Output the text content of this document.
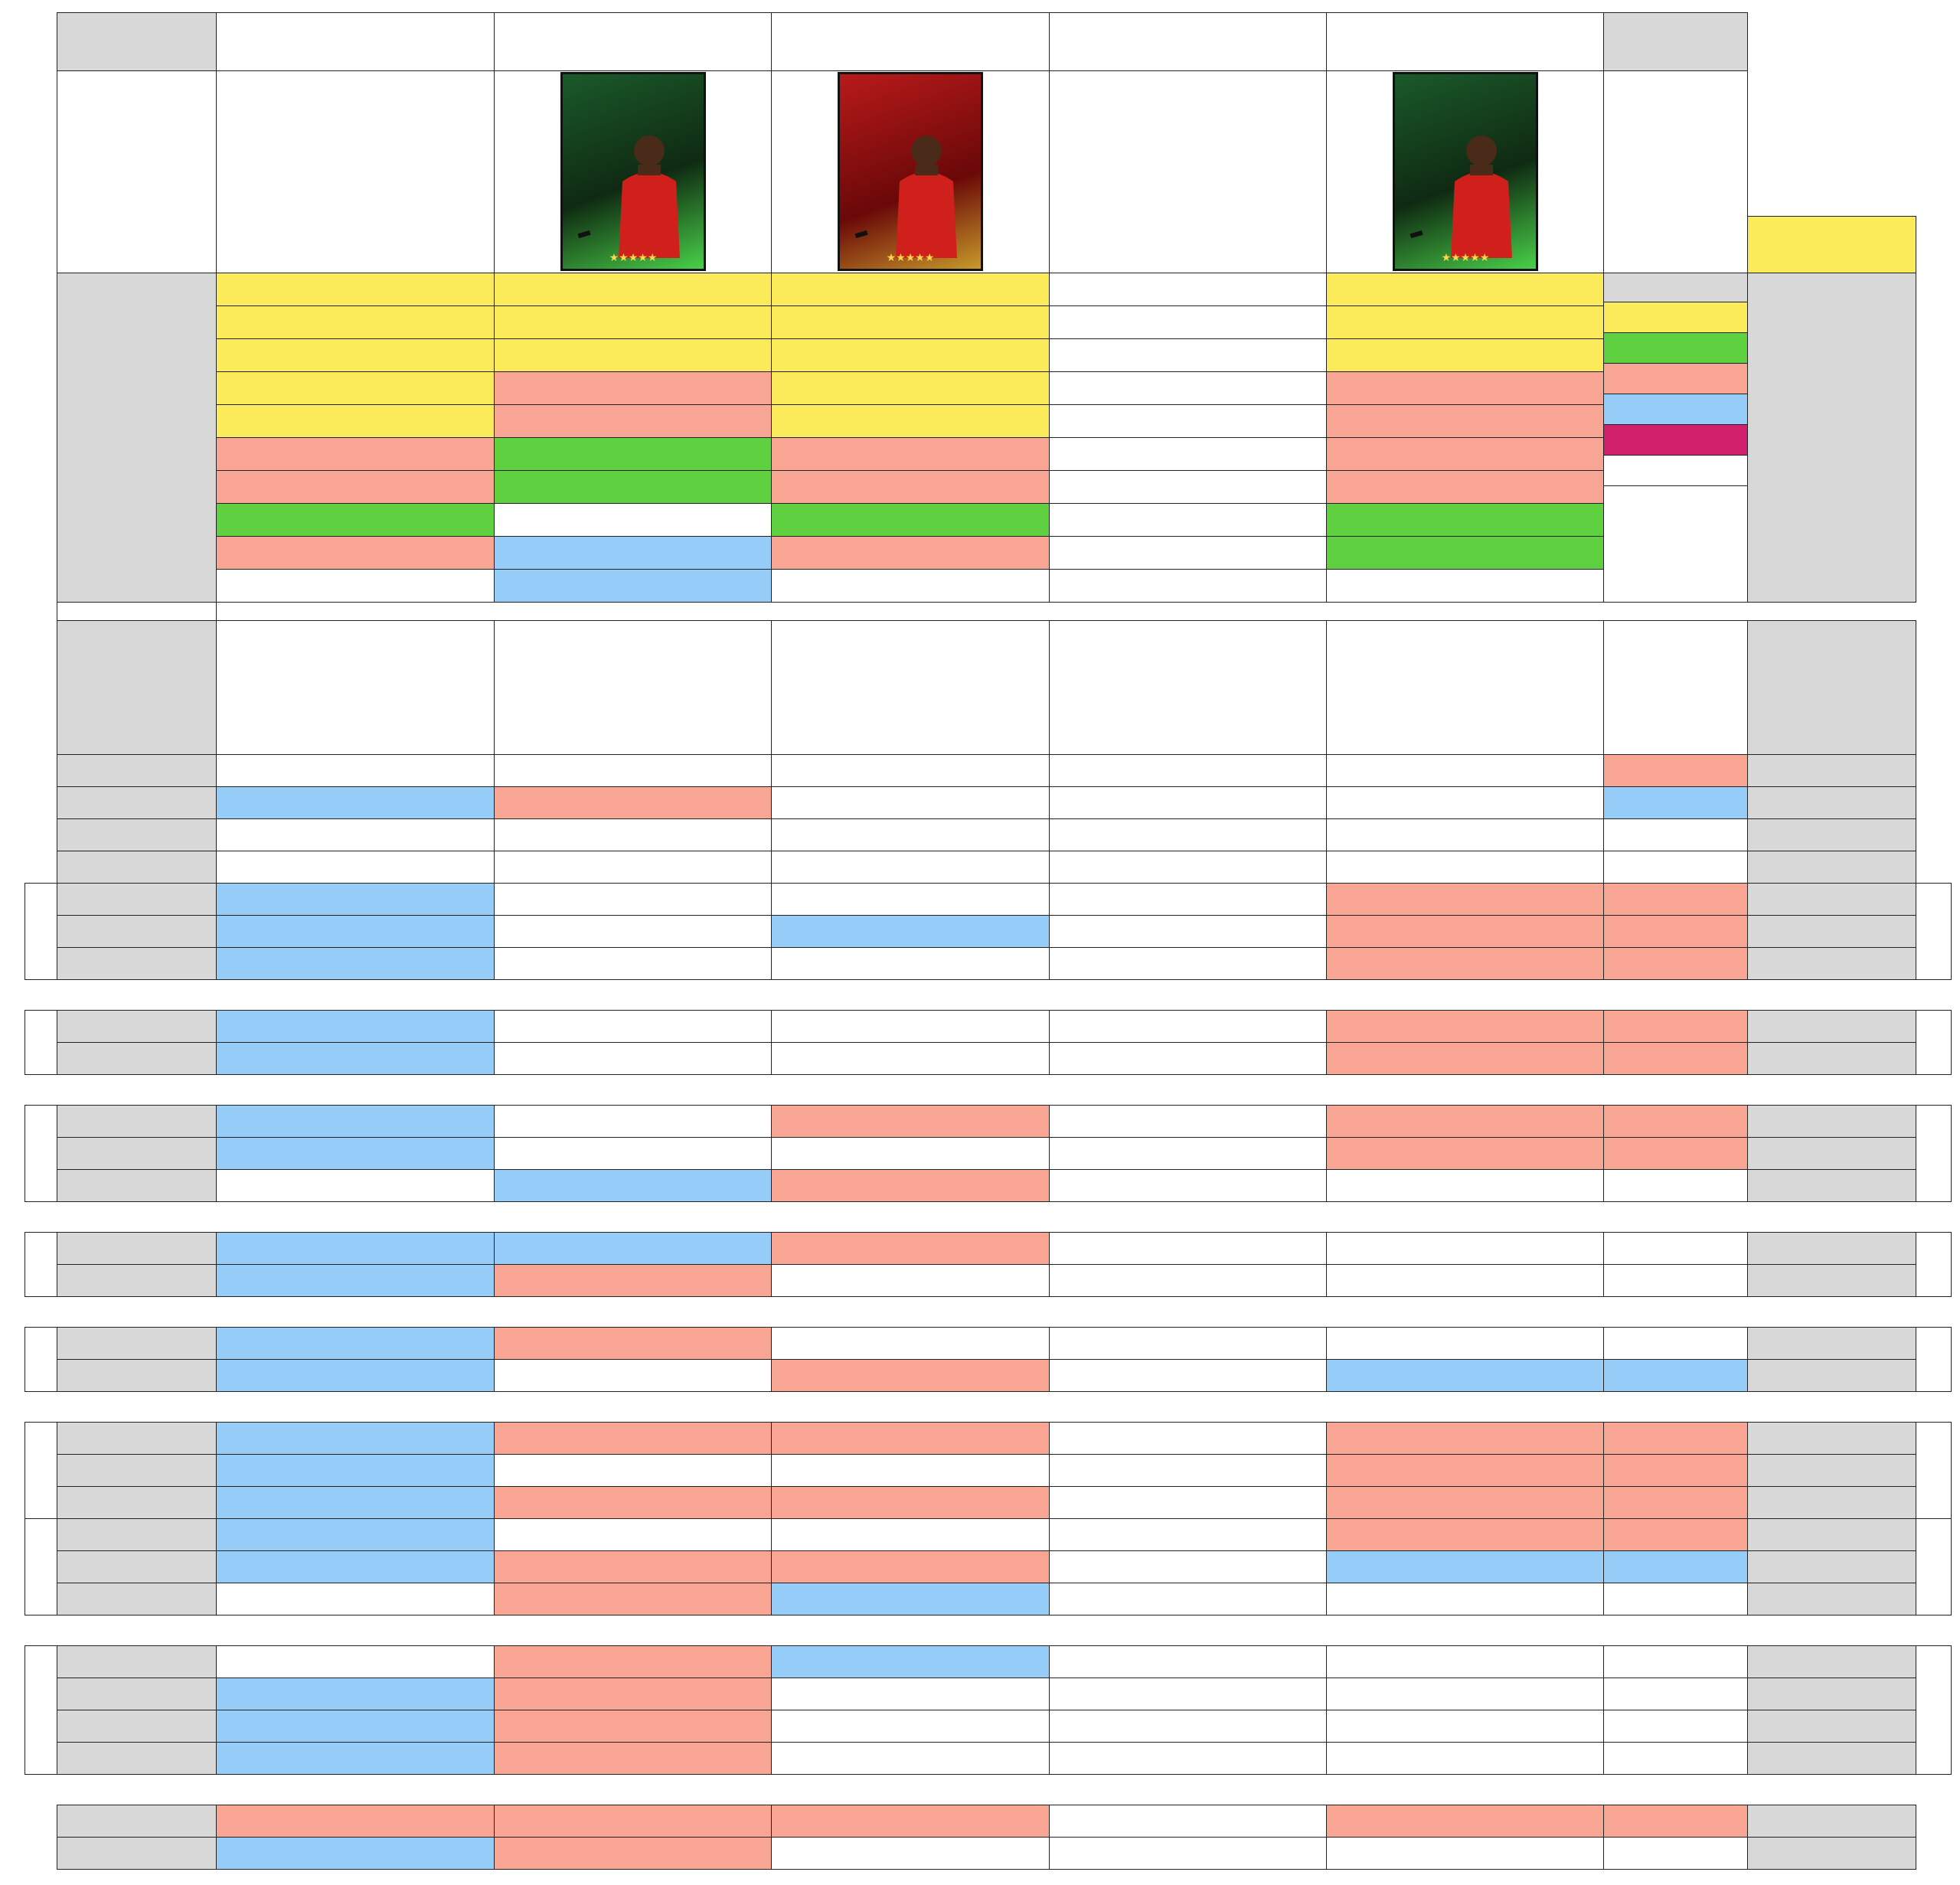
★★★★★	★★★★★	★★★★★
